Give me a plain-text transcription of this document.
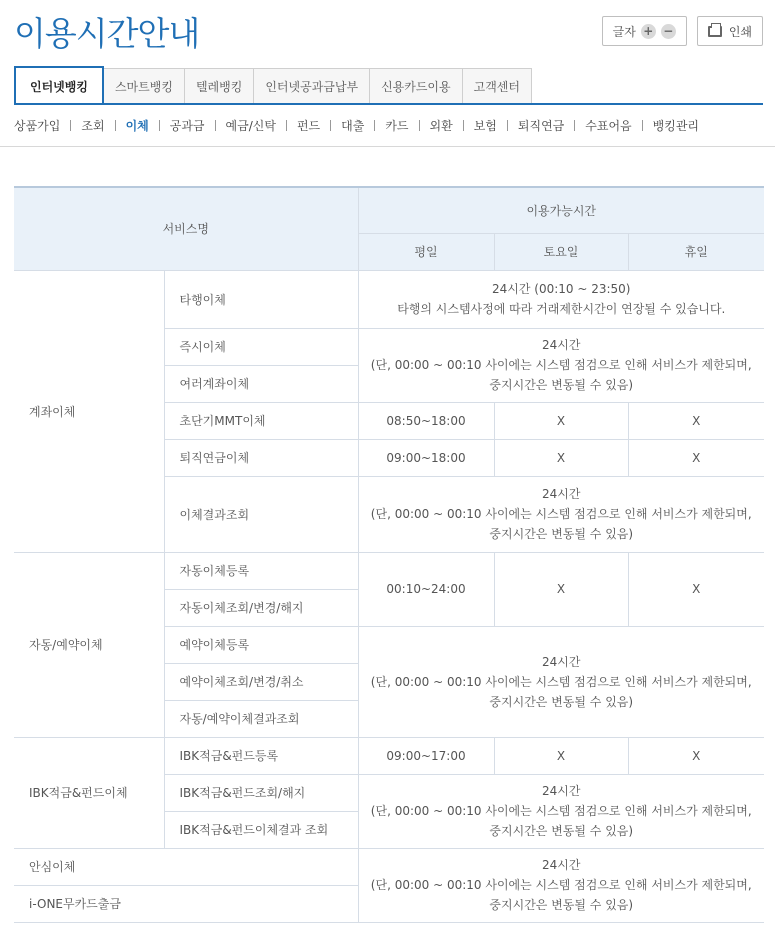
이용시간안내	글자 + −	인쇄
인터넷뱅킹	스마트뱅킹	텔레뱅킹	인터넷공과금납부	신용카드이용	고객센터
상품가입 조회 이체 공과금 예금/신탁 펀드 대출 카드 외환 보험 퇴직연금 수표어음 뱅킹관리
서비스명		이용가능시간		
		평일	토요일	휴일
계좌이체	타행이체	24시간 (00:10 ~ 23:50)
타행의 시스템사정에 따라 거래제한시간이 연장될 수 있습니다.		

	즉시이체	24시간
(단, 00:00 ~ 00:10 사이에는 시스템 점검으로 인해 서비스가 제한되며,
중지시간은 변동될 수 있음)		

	여러계좌이체			
	초단기MMT이체	08:50~18:00	X	X
	퇴직연금이체	09:00~18:00	X	X
	이체결과조회	24시간
(단, 00:00 ~ 00:10 사이에는 시스템 점검으로 인해 서비스가 제한되며,
중지시간은 변동될 수 있음)		

자동/예약이체	자동이체등록	00:10~24:00	X	X
	자동이체조회/변경/해지			
	예약이체등록	24시간
(단, 00:00 ~ 00:10 사이에는 시스템 점검으로 인해 서비스가 제한되며,
중지시간은 변동될 수 있음)		

	예약이체조회/변경/취소			
	자동/예약이체결과조회			
IBK적금&펀드이체	IBK적금&펀드등록	09:00~17:00	X	X
	IBK적금&펀드조회/해지	24시간
(단, 00:00 ~ 00:10 사이에는 시스템 점검으로 인해 서비스가 제한되며,
중지시간은 변동될 수 있음)		

	IBK적금&펀드이체결과 조회			
안심이체		24시간
(단, 00:00 ~ 00:10 사이에는 시스템 점검으로 인해 서비스가 제한되며,
중지시간은 변동될 수 있음)		

i-ONE무카드출금				
